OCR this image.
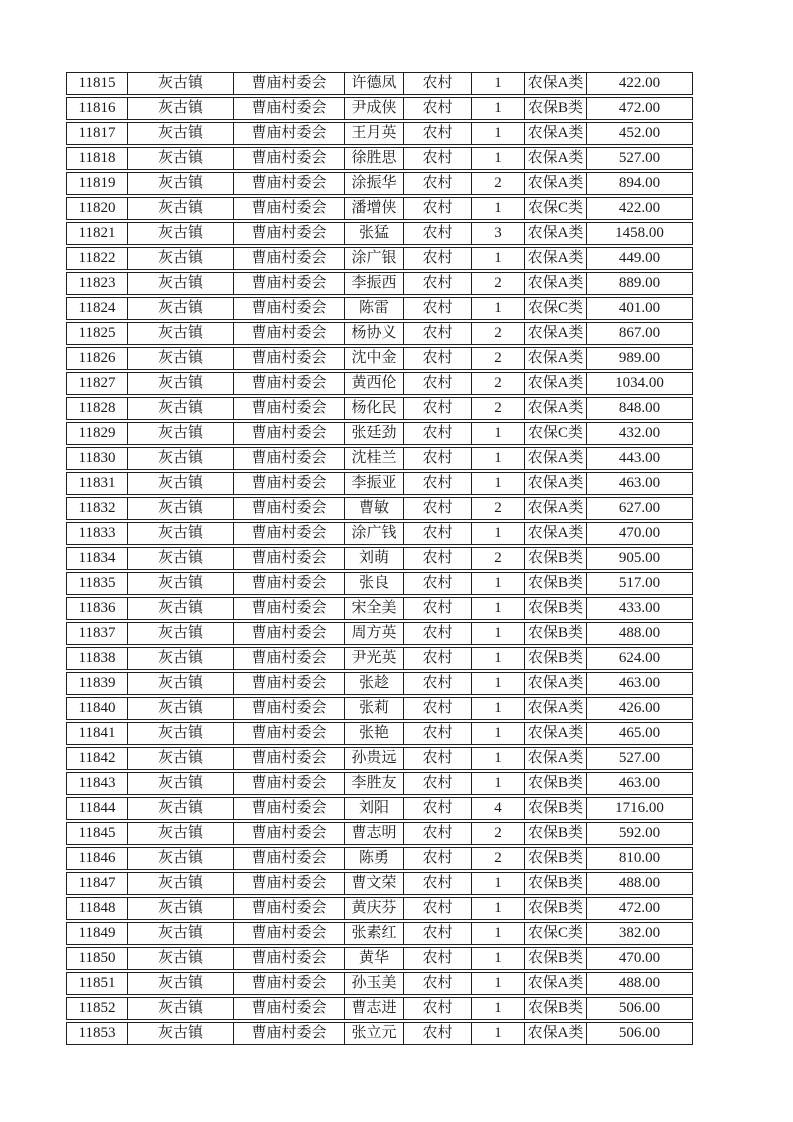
11815	灰古镇	曹庙村委会	许德凤	农村	1	农保A类	422.00
11816	灰古镇	曹庙村委会	尹成侠	农村	1	农保B类	472.00
11817	灰古镇	曹庙村委会	王月英	农村	1	农保A类	452.00
11818	灰古镇	曹庙村委会	徐胜思	农村	1	农保A类	527.00
11819	灰古镇	曹庙村委会	涂振华	农村	2	农保A类	894.00
11820	灰古镇	曹庙村委会	潘增侠	农村	1	农保C类	422.00
11821	灰古镇	曹庙村委会	张猛	农村	3	农保A类	1458.00
11822	灰古镇	曹庙村委会	涂广银	农村	1	农保A类	449.00
11823	灰古镇	曹庙村委会	李振西	农村	2	农保A类	889.00
11824	灰古镇	曹庙村委会	陈雷	农村	1	农保C类	401.00
11825	灰古镇	曹庙村委会	杨协义	农村	2	农保A类	867.00
11826	灰古镇	曹庙村委会	沈中金	农村	2	农保A类	989.00
11827	灰古镇	曹庙村委会	黄西伦	农村	2	农保A类	1034.00
11828	灰古镇	曹庙村委会	杨化民	农村	2	农保A类	848.00
11829	灰古镇	曹庙村委会	张廷劲	农村	1	农保C类	432.00
11830	灰古镇	曹庙村委会	沈桂兰	农村	1	农保A类	443.00
11831	灰古镇	曹庙村委会	李振亚	农村	1	农保A类	463.00
11832	灰古镇	曹庙村委会	曹敏	农村	2	农保A类	627.00
11833	灰古镇	曹庙村委会	涂广钱	农村	1	农保A类	470.00
11834	灰古镇	曹庙村委会	刘萌	农村	2	农保B类	905.00
11835	灰古镇	曹庙村委会	张良	农村	1	农保B类	517.00
11836	灰古镇	曹庙村委会	宋全美	农村	1	农保B类	433.00
11837	灰古镇	曹庙村委会	周方英	农村	1	农保B类	488.00
11838	灰古镇	曹庙村委会	尹光英	农村	1	农保B类	624.00
11839	灰古镇	曹庙村委会	张趁	农村	1	农保A类	463.00
11840	灰古镇	曹庙村委会	张莉	农村	1	农保A类	426.00
11841	灰古镇	曹庙村委会	张艳	农村	1	农保A类	465.00
11842	灰古镇	曹庙村委会	孙贵远	农村	1	农保A类	527.00
11843	灰古镇	曹庙村委会	李胜友	农村	1	农保B类	463.00
11844	灰古镇	曹庙村委会	刘阳	农村	4	农保B类	1716.00
11845	灰古镇	曹庙村委会	曹志明	农村	2	农保B类	592.00
11846	灰古镇	曹庙村委会	陈勇	农村	2	农保B类	810.00
11847	灰古镇	曹庙村委会	曹文荣	农村	1	农保B类	488.00
11848	灰古镇	曹庙村委会	黄庆芬	农村	1	农保B类	472.00
11849	灰古镇	曹庙村委会	张素红	农村	1	农保C类	382.00
11850	灰古镇	曹庙村委会	黄华	农村	1	农保B类	470.00
11851	灰古镇	曹庙村委会	孙玉美	农村	1	农保A类	488.00
11852	灰古镇	曹庙村委会	曹志进	农村	1	农保B类	506.00
11853	灰古镇	曹庙村委会	张立元	农村	1	农保A类	506.00
